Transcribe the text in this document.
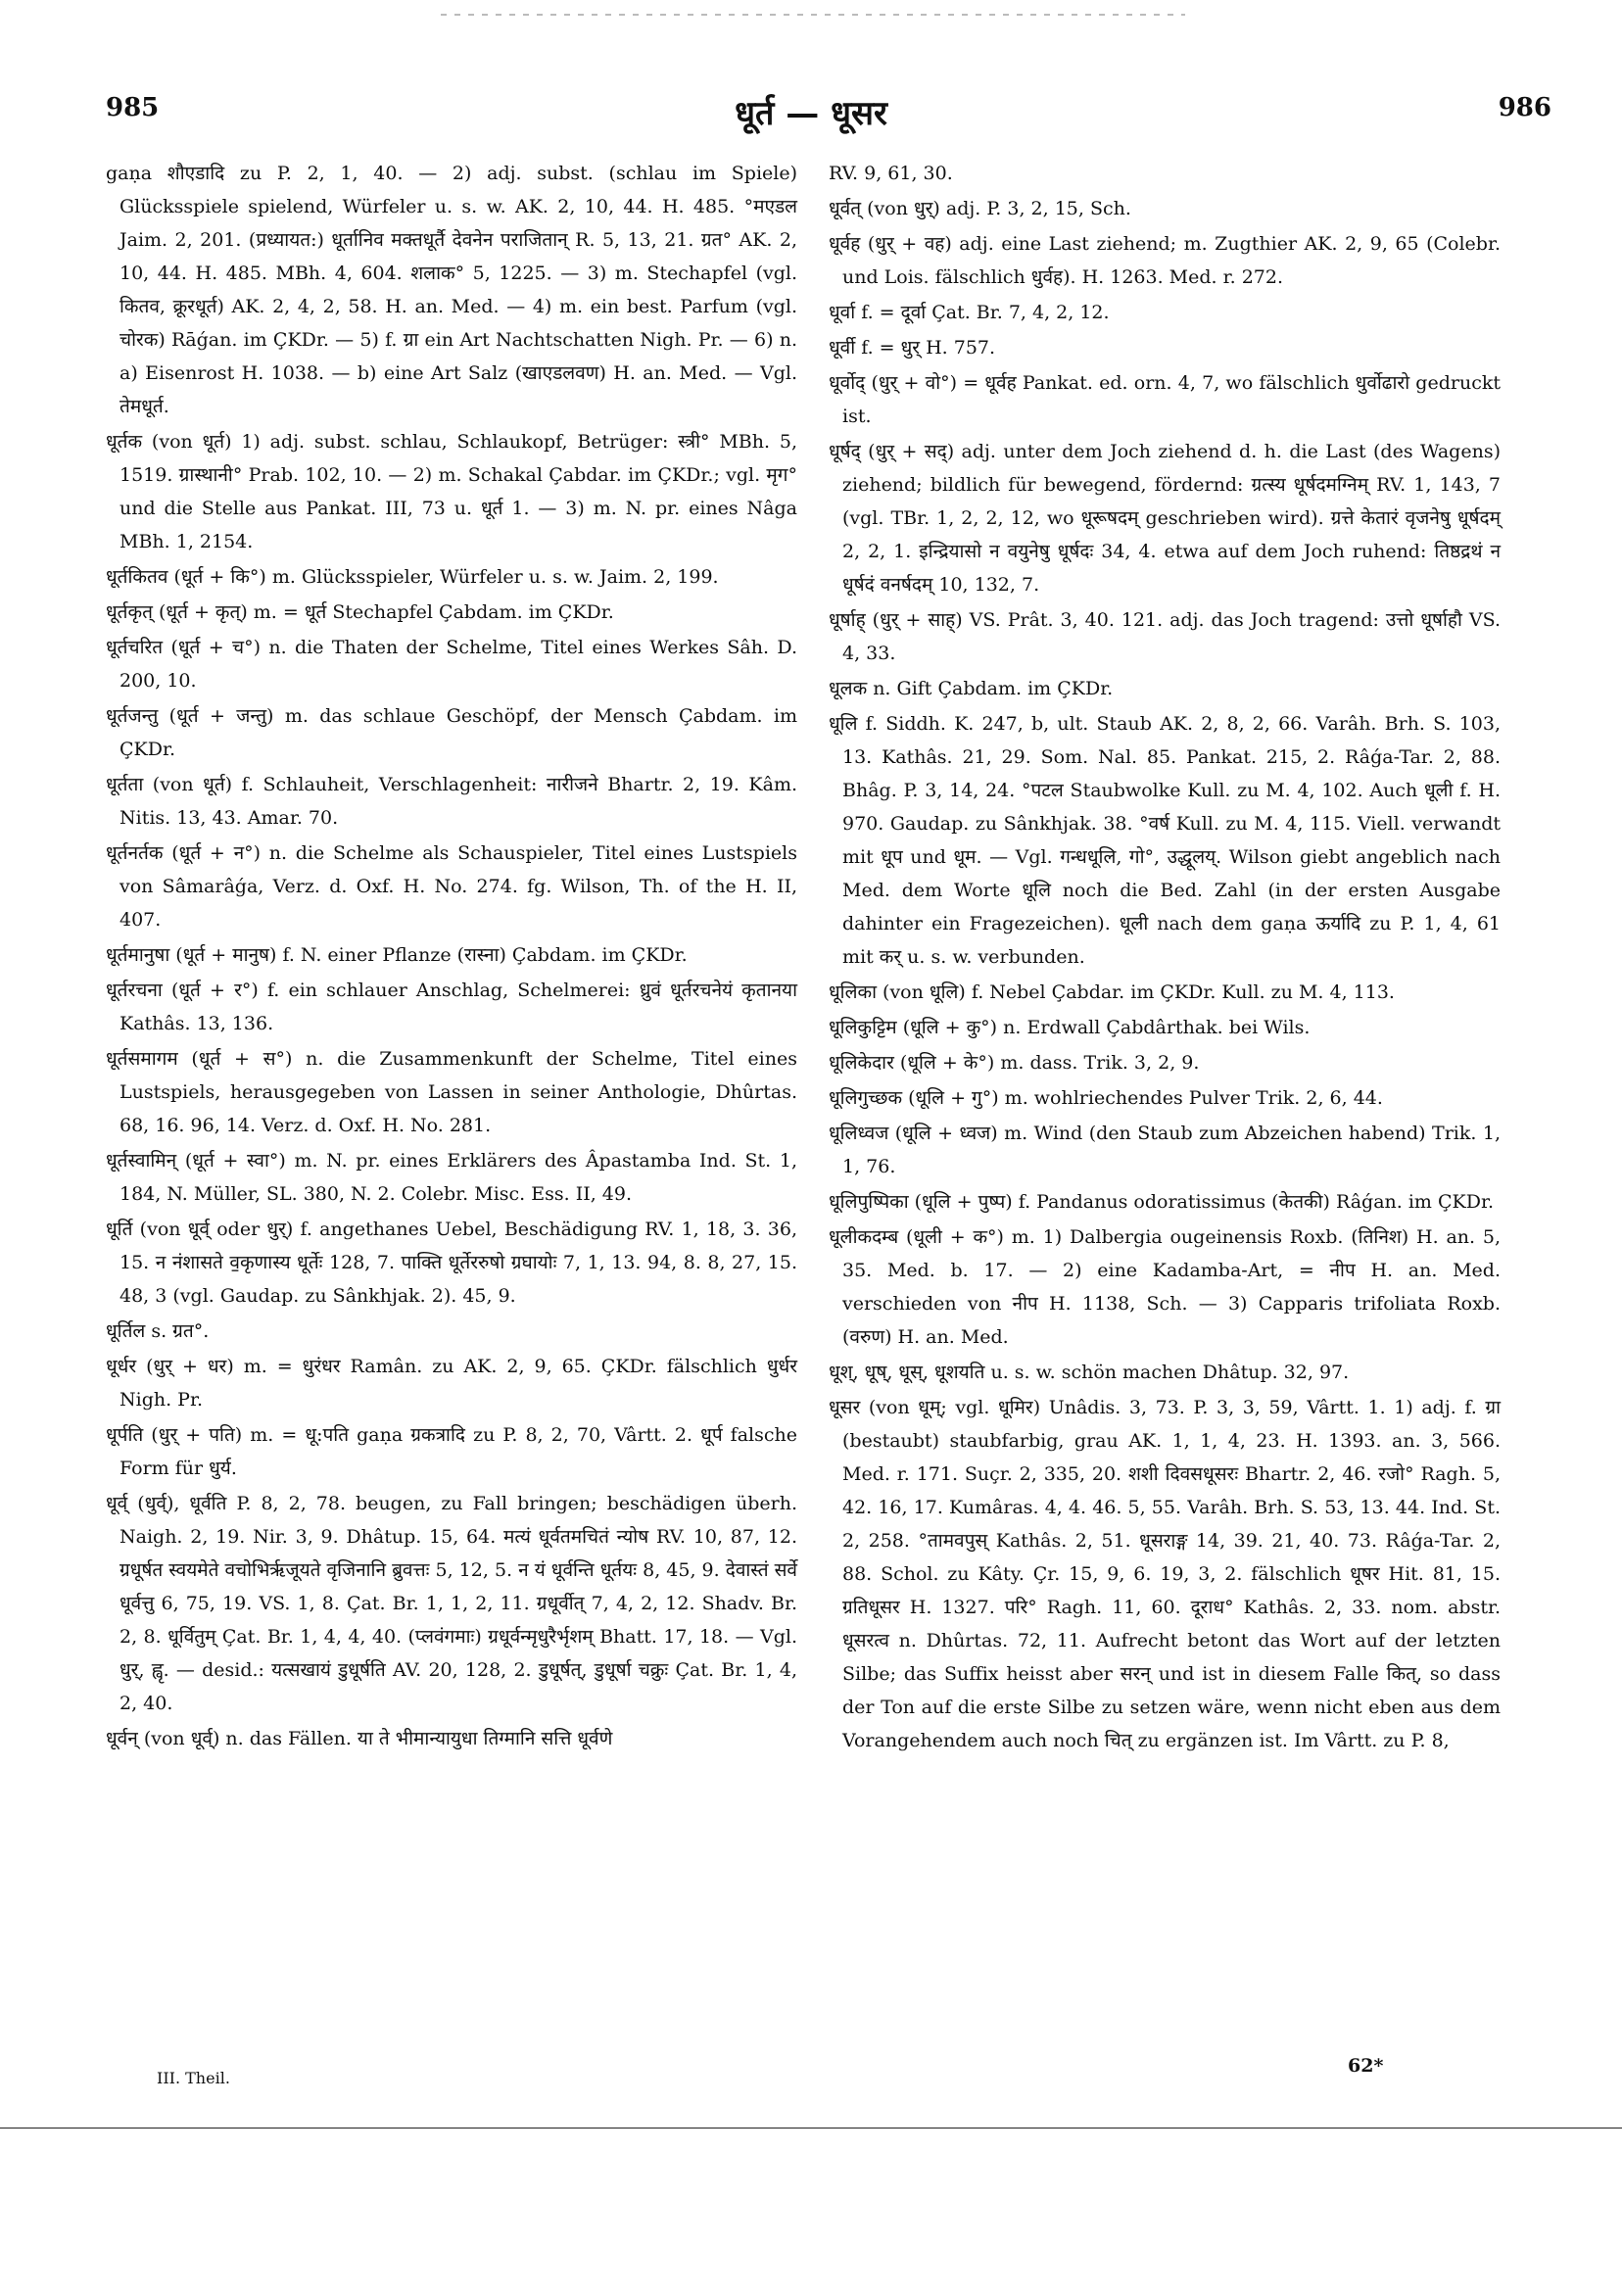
985	धूर्त — धूसर	986

gaṇa शौएडादि zu P. 2, 1, 40. — 2) adj. subst. (schlau im Spiele) Glücksspiele spielend, Würfeler u. s. w. AK. 2, 10, 44. H. 485. °मएडल Jaim. 2, 201. (प्रध्यायत:) धूर्तानिव मक्तधूर्तै देवनेन पराजितान् R. 5, 13, 21. ग्रत° AK. 2, 10, 44. H. 485. MBh. 4, 604. शलाक° 5, 1225. — 3) m. Stechapfel (vgl. कितव, क्रूरधूर्त) AK. 2, 4, 2, 58. H. an. Med. — 4) m. ein best. Parfum (vgl. चोरक) Rāǵan. im ÇKDr. — 5) f. ग्रा ein Art Nachtschatten Nigh. Pr. — 6) n. a) Eisenrost H. 1038. — b) eine Art Salz (खाएडलवण) H. an. Med. — Vgl. तेमधूर्त.

धूर्तक (von धूर्त) 1) adj. subst. schlau, Schlaukopf, Betrüger: स्त्री° MBh. 5, 1519. ग्रास्थानी° Prab. 102, 10. — 2) m. Schakal Çabdar. im ÇKDr.; vgl. मृग° und die Stelle aus Pankat. III, 73 u. धूर्त 1. — 3) m. N. pr. eines Nâga MBh. 1, 2154.

धूर्तकितव (धूर्त + कि°) m. Glücksspieler, Würfeler u. s. w. Jaim. 2, 199.

धूर्तकृत् (धूर्त + कृत्) m. = धूर्त Stechapfel Çabdam. im ÇKDr.

धूर्तचरित (धूर्त + च°) n. die Thaten der Schelme, Titel eines Werkes Sâh. D. 200, 10.

धूर्तजन्तु (धूर्त + जन्तु) m. das schlaue Geschöpf, der Mensch Çabdam. im ÇKDr.

धूर्तता (von धूर्त) f. Schlauheit, Verschlagenheit: नारीजने Bhartr. 2, 19. Kâm. Nitis. 13, 43. Amar. 70.

धूर्तनर्तक (धूर्त + न°) n. die Schelme als Schauspieler, Titel eines Lustspiels von Sâmarâǵa, Verz. d. Oxf. H. No. 274. fg. Wilson, Th. of the H. II, 407.

धूर्तमानुषा (धूर्त + मानुष) f. N. einer Pflanze (रास्ना) Çabdam. im ÇKDr.

धूर्तरचना (धूर्त + र°) f. ein schlauer Anschlag, Schelmerei: ध्रुवं धूर्तरचनेयं कृतानया Kathâs. 13, 136.

धूर्तसमागम (धूर्त + स°) n. die Zusammenkunft der Schelme, Titel eines Lustspiels, herausgegeben von Lassen in seiner Anthologie, Dhûrtas. 68, 16. 96, 14. Verz. d. Oxf. H. No. 281.

धूर्तस्वामिन् (धूर्त + स्वा°) m. N. pr. eines Erklärers des Âpastamba Ind. St. 1, 184, N. Müller, SL. 380, N. 2. Colebr. Misc. Ess. II, 49.

धूर्ति (von धूर्व् oder धुर्) f. angethanes Uebel, Beschädigung RV. 1, 18, 3. 36, 15. न नंशासते व॒कृणास्य धूर्तेः 128, 7. पाक्ति धूर्तेररुषो ग्रघायोः 7, 1, 13. 94, 8. 8, 27, 15. 48, 3 (vgl. Gaudap. zu Sânkhjak. 2). 45, 9.

धूर्तिल s. ग्रत°.

धूर्धर (धुर् + धर) m. = धुरंधर Ramân. zu AK. 2, 9, 65. ÇKDr. fälschlich धुर्धर Nigh. Pr.

धूर्पति (धुर् + पति) m. = धू:पति gaṇa ग्रकत्रादि zu P. 8, 2, 70, Vârtt. 2. धूर्प falsche Form für धुर्य.

धूर्व् (धुर्व्), धूर्वति P. 8, 2, 78. beugen, zu Fall bringen; beschädigen überh. Naigh. 2, 19. Nir. 3, 9. Dhâtup. 15, 64. मत्यं धूर्वतमचितं न्योष RV. 10, 87, 12. ग्रधूर्षत स्वयमेते वचोभिर्ऋजूयते वृजिनानि ब्रुवत्तः 5, 12, 5. न यं धूर्वन्ति धूर्तयः 8, 45, 9. देवास्तं सर्वे धूर्वत्तु 6, 75, 19. VS. 1, 8. Çat. Br. 1, 1, 2, 11. ग्रधूर्वीत् 7, 4, 2, 12. Shadv. Br. 2, 8. धूर्वितुम् Çat. Br. 1, 4, 4, 40. (प्लवंगमाः) ग्रधूर्वन्मृधुरैर्भृशम् Bhatt. 17, 18. — Vgl. धुर्, ह्वृ. — desid.: यत्सखायं डुधूर्षति AV. 20, 128, 2. डुधूर्षत्, डुधूर्षा चक्रुः Çat. Br. 1, 4, 2, 40.

धूर्वन् (von धूर्व्) n. das Fällen. या ते भीमान्यायुधा तिग्मानि सत्ति धूर्वणे

RV. 9, 61, 30.

धूर्वत् (von धुर्) adj. P. 3, 2, 15, Sch.

धूर्वह (धुर् + वह) adj. eine Last ziehend; m. Zugthier AK. 2, 9, 65 (Colebr. und Lois. fälschlich धुर्वह). H. 1263. Med. r. 272.

धूर्वा f. = दूर्वा Çat. Br. 7, 4, 2, 12.

धूर्वी f. = धुर् H. 757.

धूर्वोद् (धुर् + वो°) = धूर्वह Pankat. ed. orn. 4, 7, wo fälschlich धुर्वोढारो gedruckt ist.

धूर्षद् (धुर् + सद्) adj. unter dem Joch ziehend d. h. die Last (des Wagens) ziehend; bildlich für bewegend, fördernd: ग्रत्स्य धूर्षदमग्निम् RV. 1, 143, 7 (vgl. TBr. 1, 2, 2, 12, wo धूरूषदम् geschrieben wird). ग्रत्ते केतारं वृजनेषु धूर्षदम् 2, 2, 1. इन्द्रियासो न वयुनेषु धूर्षदः 34, 4. etwa auf dem Joch ruhend: तिष्ठद्रथं न धूर्षदं वनर्षदम् 10, 132, 7.

धूर्षाह् (धुर् + साह्) VS. Prât. 3, 40. 121. adj. das Joch tragend: उत्तो धूर्षाहौ VS. 4, 33.

धूलक n. Gift Çabdam. im ÇKDr.

धूलि f. Siddh. K. 247, b, ult. Staub AK. 2, 8, 2, 66. Varâh. Brh. S. 103, 13. Kathâs. 21, 29. Som. Nal. 85. Pankat. 215, 2. Râǵa-Tar. 2, 88. Bhâg. P. 3, 14, 24. °पटल Staubwolke Kull. zu M. 4, 102. Auch धूली f. H. 970. Gaudap. zu Sânkhjak. 38. °वर्ष Kull. zu M. 4, 115. Viell. verwandt mit धूप und धूम. — Vgl. गन्धधूलि, गो°, उद्धूलय्. Wilson giebt angeblich nach Med. dem Worte धूलि noch die Bed. Zahl (in der ersten Ausgabe dahinter ein Fragezeichen). धूली nach dem gaṇa ऊर्यादि zu P. 1, 4, 61 mit कर् u. s. w. verbunden.

धूलिका (von धूलि) f. Nebel Çabdar. im ÇKDr. Kull. zu M. 4, 113.

धूलिकुट्टिम (धूलि + कु°) n. Erdwall Çabdârthak. bei Wils.

धूलिकेदार (धूलि + के°) m. dass. Trik. 3, 2, 9.

धूलिगुच्छक (धूलि + गु°) m. wohlriechendes Pulver Trik. 2, 6, 44.

धूलिध्वज (धूलि + ध्वज) m. Wind (den Staub zum Abzeichen habend) Trik. 1, 1, 76.

धूलिपुष्पिका (धूलि + पुष्प) f. Pandanus odoratissimus (केतकी) Râǵan. im ÇKDr.

धूलीकदम्ब (धूली + क°) m. 1) Dalbergia ougeinensis Roxb. (तिनिश) H. an. 5, 35. Med. b. 17. — 2) eine Kadamba-Art, = नीप H. an. Med. verschieden von नीप H. 1138, Sch. — 3) Capparis trifoliata Roxb. (वरुण) H. an. Med.

धूश्, धूष्, धूस्, धूशयति u. s. w. schön machen Dhâtup. 32, 97.

धूसर (von धूम्; vgl. धूमिर) Unâdis. 3, 73. P. 3, 3, 59, Vârtt. 1. 1) adj. f. ग्रा (bestaubt) staubfarbig, grau AK. 1, 1, 4, 23. H. 1393. an. 3, 566. Med. r. 171. Suçr. 2, 335, 20. शशी दिवसधूसरः Bhartr. 2, 46. रजो° Ragh. 5, 42. 16, 17. Kumâras. 4, 4. 46. 5, 55. Varâh. Brh. S. 53, 13. 44. Ind. St. 2, 258. °तामवपुस् Kathâs. 2, 51. धूसराङ्ग 14, 39. 21, 40. 73. Râǵa-Tar. 2, 88. Schol. zu Kâty. Çr. 15, 9, 6. 19, 3, 2. fälschlich धूषर Hit. 81, 15. ग्रतिधूसर H. 1327. परि° Ragh. 11, 60. दूराध° Kathâs. 2, 33. nom. abstr. धूसरत्व n. Dhûrtas. 72, 11. Aufrecht betont das Wort auf der letzten Silbe; das Suffix heisst aber सरन् und ist in diesem Falle कित्, so dass der Ton auf die erste Silbe zu setzen wäre, wenn nicht eben aus dem Vorangehendem auch noch चित् zu ergänzen ist. Im Vârtt. zu P. 8,

III. Theil.
62*
